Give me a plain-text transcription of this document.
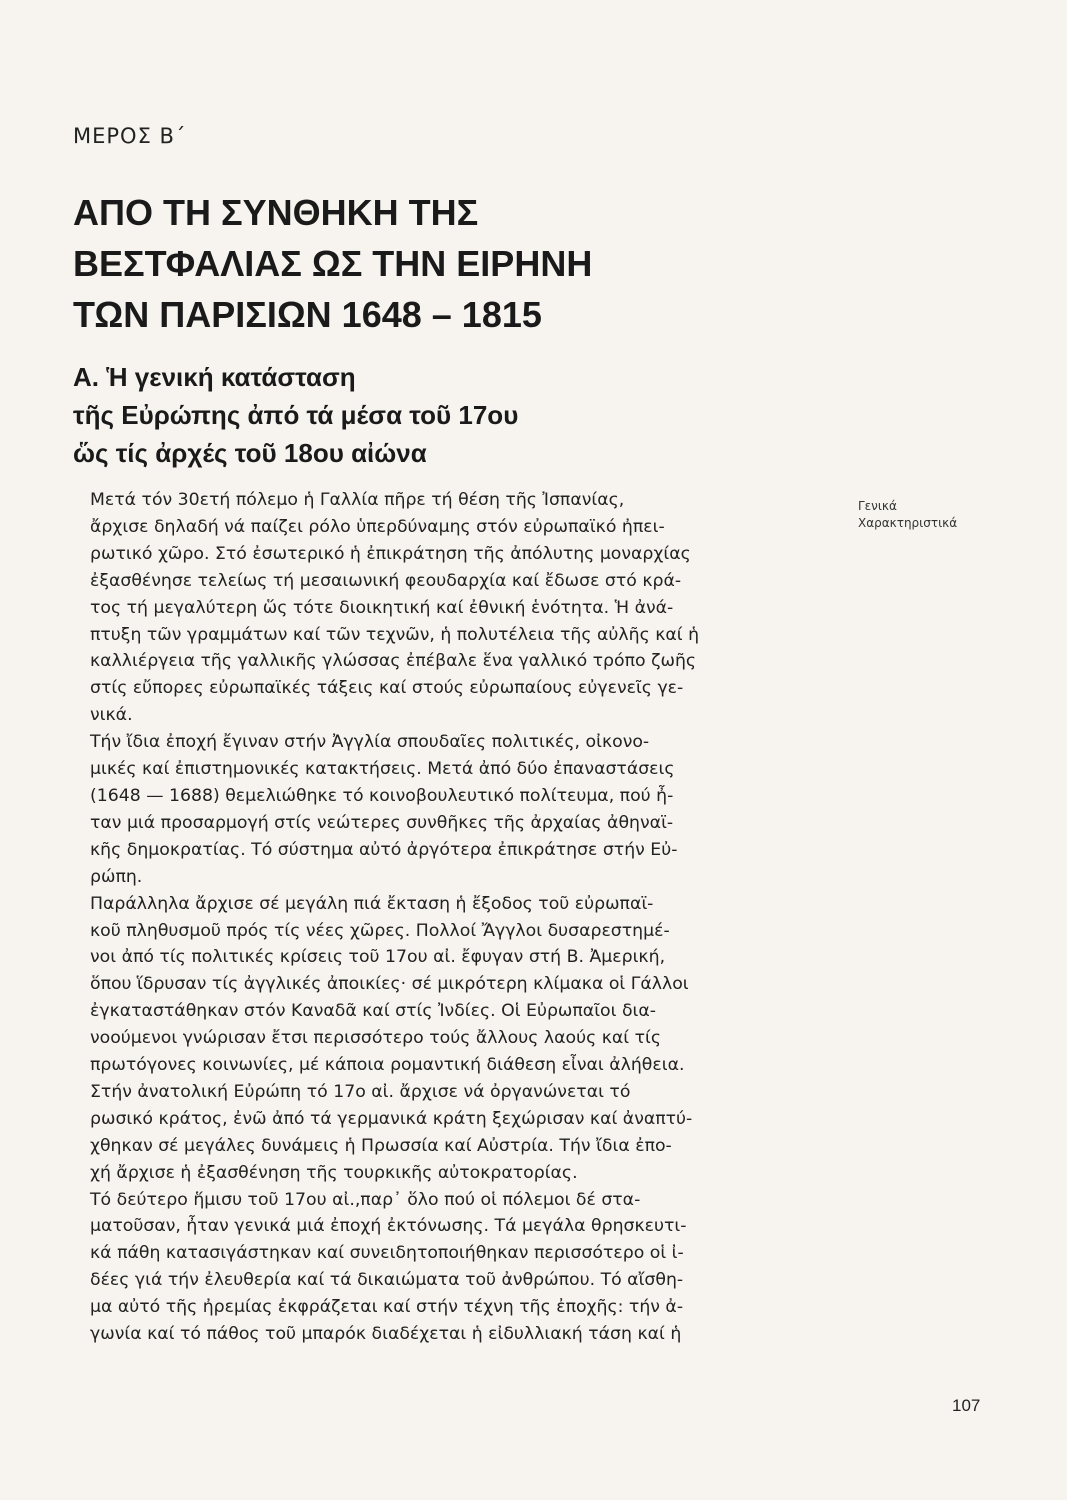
ΜΕΡΟΣ Β΄
ΑΠΟ ΤΗ ΣΥΝΘΗΚΗ ΤΗΣ
ΒΕΣΤΦΑΛΙΑΣ ΩΣ ΤΗΝ ΕΙΡΗΝΗ
ΤΩΝ ΠΑΡΙΣΙΩΝ 1648 – 1815
Α. Ἡ γενική κατάσταση
τῆς Εὐρώπης ἀπό τά μέσα τοῦ 17ου
ὥς τίς ἀρχές τοῦ 18ου αἰώνα
Γενικά
Χαρακτηριστικά
Μετά τόν 30ετή πόλεμο ἡ Γαλλία πῆρε τή θέση τῆς Ἰσπανίας,
ἄρχισε δηλαδή νά παίζει ρόλο ὑπερδύναμης στόν εὐρωπαϊκό ἠπει-
ρωτικό χῶρο. Στό ἐσωτερικό ἡ ἐπικράτηση τῆς ἀπόλυτης μοναρχίας
ἐξασθένησε τελείως τή μεσαιωνική φεουδαρχία καί ἔδωσε στό κρά-
τος τή μεγαλύτερη ὥς τότε διοικητική καί ἐθνική ἑνότητα. Ἡ ἀνά-
πτυξη τῶν γραμμάτων καί τῶν τεχνῶν, ἡ πολυτέλεια τῆς αὐλῆς καί ἡ
καλλιέργεια τῆς γαλλικῆς γλώσσας ἐπέβαλε ἕνα γαλλικό τρόπο ζωῆς
στίς εὔπορες εὐρωπαϊκές τάξεις καί στούς εὐρωπαίους εὐγενεῖς γε-
νικά.
Τήν ἴδια ἐποχή ἔγιναν στήν Ἀγγλία σπουδαῖες πολιτικές, οἰκονο-
μικές καί ἐπιστημονικές κατακτήσεις. Μετά ἀπό δύο ἐπαναστάσεις
(1648 — 1688) θεμελιώθηκε τό κοινοβουλευτικό πολίτευμα, πού ἦ-
ταν μιά προσαρμογή στίς νεώτερες συνθῆκες τῆς ἀρχαίας ἀθηναϊ-
κῆς δημοκρατίας. Τό σύστημα αὐτό ἀργότερα ἐπικράτησε στήν Εὐ-
ρώπη.
Παράλληλα ἄρχισε σέ μεγάλη πιά ἔκταση ἡ ἔξοδος τοῦ εὐρωπαϊ-
κοῦ πληθυσμοῦ πρός τίς νέες χῶρες. Πολλοί Ἄγγλοι δυσαρεστημέ-
νοι ἀπό τίς πολιτικές κρίσεις τοῦ 17ου αἰ. ἔφυγαν στή Β. Ἀμερική,
ὅπου ἵδρυσαν τίς ἀγγλικές ἀποικίες· σέ μικρότερη κλίμακα οἱ Γάλλοι
ἐγκαταστάθηκαν στόν Καναδᾶ καί στίς Ἰνδίες. Οἱ Εὐρωπαῖοι δια-
νοούμενοι γνώρισαν ἔτσι περισσότερο τούς ἄλλους λαούς καί τίς
πρωτόγονες κοινωνίες, μέ κάποια ρομαντική διάθεση εἶναι ἀλήθεια.
Στήν ἀνατολική Εὐρώπη τό 17ο αἰ. ἄρχισε νά ὀργανώνεται τό
ρωσικό κράτος, ἐνῶ ἀπό τά γερμανικά κράτη ξεχώρισαν καί ἀναπτύ-
χθηκαν σέ μεγάλες δυνάμεις ἡ Πρωσσία καί Αὐστρία. Τήν ἴδια ἐπο-
χή ἄρχισε ἡ ἐξασθένηση τῆς τουρκικῆς αὐτοκρατορίας.
Τό δεύτερο ἥμισυ τοῦ 17ου αἰ.,παρ᾽ ὅλο πού οἱ πόλεμοι δέ στα-
ματοῦσαν, ἦταν γενικά μιά ἐποχή ἐκτόνωσης. Τά μεγάλα θρησκευτι-
κά πάθη κατασιγάστηκαν καί συνειδητοποιήθηκαν περισσότερο οἱ ἰ-
δέες γιά τήν ἐλευθερία καί τά δικαιώματα τοῦ ἀνθρώπου. Τό αἴσθη-
μα αὐτό τῆς ἠρεμίας ἐκφράζεται καί στήν τέχνη τῆς ἐποχῆς: τήν ἀ-
γωνία καί τό πάθος τοῦ μπαρόκ διαδέχεται ἡ εἰδυλλιακή τάση καί ἡ
107
